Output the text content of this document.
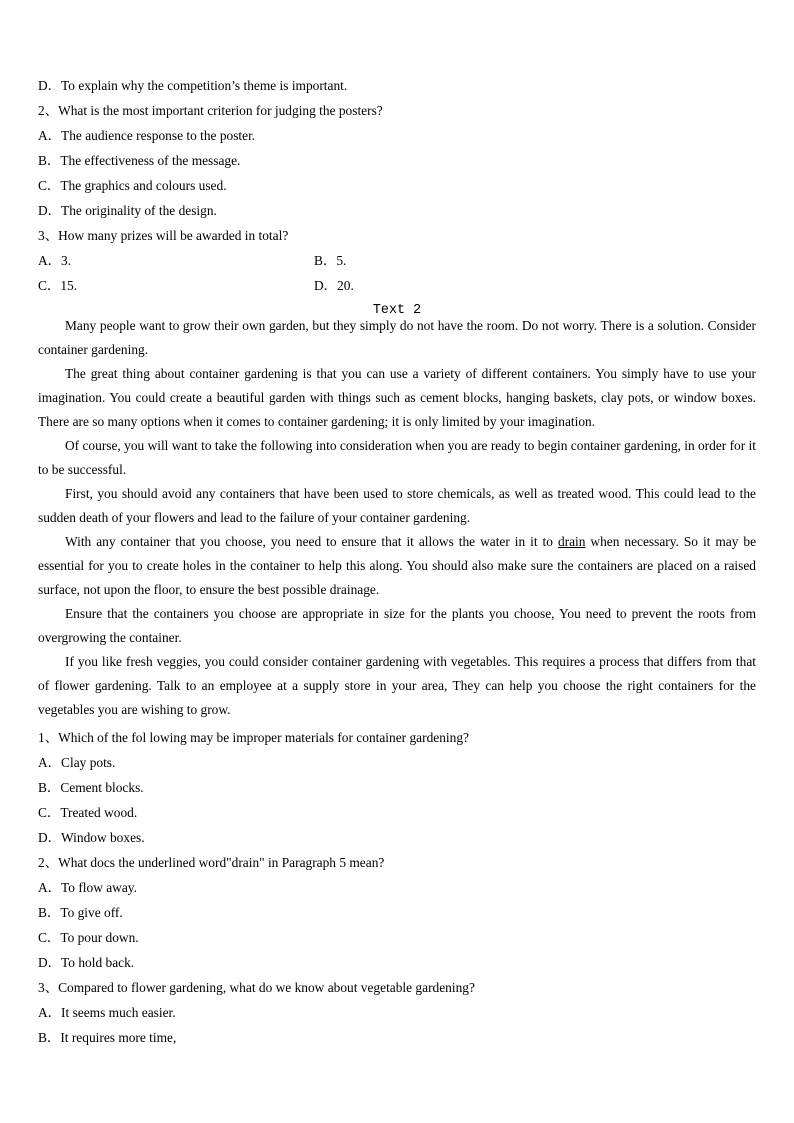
D．To explain why the competition’s theme is important.
2、What is the most important criterion for judging the posters?
A．The audience response to the poster.
B．The effectiveness of the message.
C．The graphics and colours used.
D．The originality of the design.
3、How many prizes will be awarded in total?
A．3.	B．5.
C．15.	D．20.
Text 2
Many people want to grow their own garden, but they simply do not have the room. Do not worry. There is a solution. Consider container gardening.
The great thing about container gardening is that you can use a variety of different containers. You simply have to use your imagination. You could create a beautiful garden with things such as cement blocks, hanging baskets, clay pots, or window boxes. There are so many options when it comes to container gardening; it is only limited by your imagination.
Of course, you will want to take the following into consideration when you are ready to begin container gardening, in order for it to be successful.
First, you should avoid any containers that have been used to store chemicals, as well as treated wood. This could lead to the sudden death of your flowers and lead to the failure of your container gardening.
With any container that you choose, you need to ensure that it allows the water in it to drain when necessary. So it may be essential for you to create holes in the container to help this along. You should also make sure the containers are placed on a raised surface, not upon the floor, to ensure the best possible drainage.
Ensure that the containers you choose are appropriate in size for the plants you choose, You need to prevent the roots from overgrowing the container.
If you like fresh veggies, you could consider container gardening with vegetables. This requires a process that differs from that of flower gardening. Talk to an employee at a supply store in your area, They can help you choose the right containers for the vegetables you are wishing to grow.
1、Which of the fol lowing may be improper materials for container gardening?
A．Clay pots.
B．Cement blocks.
C．Treated wood.
D．Window boxes.
2、What docs the underlined word"drain" in Paragraph 5 mean?
A．To flow away.
B．To give off.
C．To pour down.
D．To hold back.
3、Compared to flower gardening, what do we know about vegetable gardening?
A．It seems much easier.
B．It requires more time,
